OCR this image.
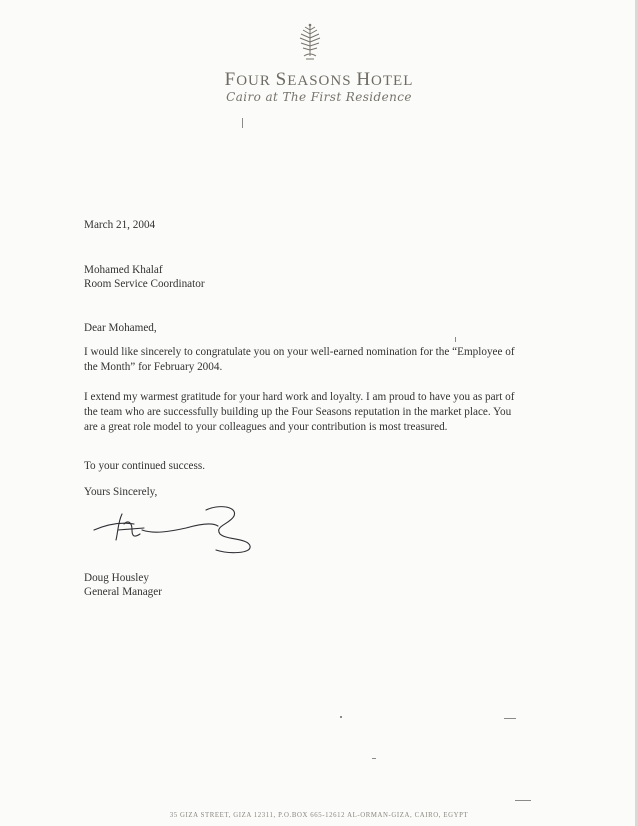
FOUR SEASONS HOTEL
Cairo at The First Residence
March 21, 2004
Mohamed Khalaf
Room Service Coordinator
Dear Mohamed,
I would like sincerely to congratulate you on your well-earned nomination for the “Employee of the Month” for February 2004.
I extend my warmest gratitude for your hard work and loyalty. I am proud to have you as part of the team who are successfully building up the Four Seasons reputation in the market place. You are a great role model to your colleagues and your contribution is most treasured.
To your continued success.
Yours Sincerely,
Doug Housley
General Manager
35 GIZA STREET, GIZA 12311, P.O.BOX 665-12612 AL-ORMAN-GIZA, CAIRO, EGYPT
